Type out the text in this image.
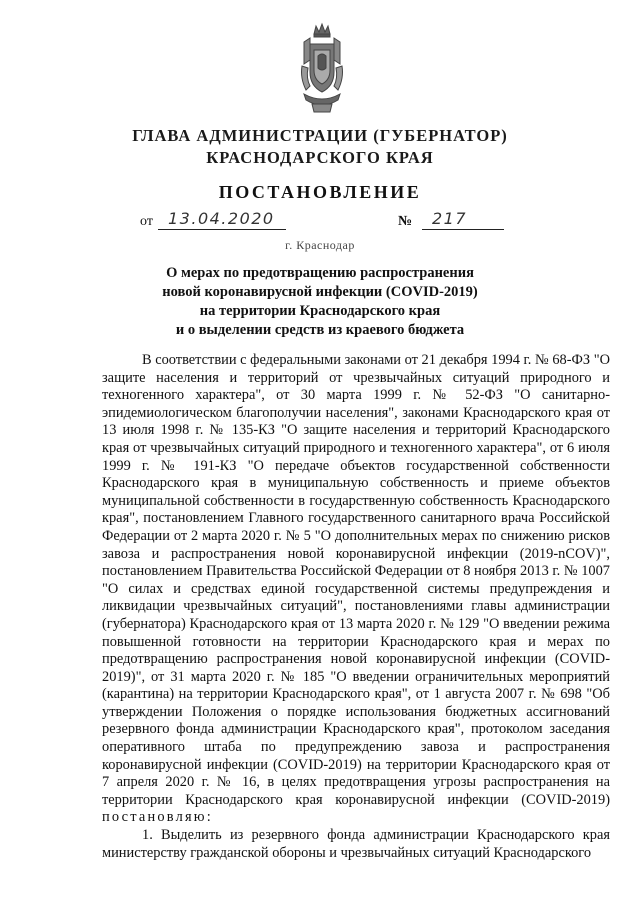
ГЛАВА АДМИНИСТРАЦИИ (ГУБЕРНАТОР)
КРАСНОДАРСКОГО КРАЯ
ПОСТАНОВЛЕНИЕ
от 13.04.2020	№	217
г. Краснодар
О мерах по предотвращению распространения
новой коронавирусной инфекции (COVID-2019)
на территории Краснодарского края
и о выделении средств из краевого бюджета

В соответствии с федеральными законами от 21 декабря 1994 г. № 68-ФЗ "О защите населения и территорий от чрезвычайных ситуаций природного и техногенного характера", от 30 марта 1999 г. № 52-ФЗ "О санитарно-эпидемиологическом благополучии населения", законами Краснодарского края от 13 июля 1998 г. № 135-КЗ "О защите населения и территорий Краснодарского края от чрезвычайных ситуаций природного и техногенного характера", от 6 июля 1999 г. № 191-КЗ "О передаче объектов государственной собственности Краснодарского края в муниципальную собственность и приеме объектов муниципальной собственности в государственную собственность Краснодарского края", постановлением Главного государственного санитарного врача Российской Федерации от 2 марта 2020 г. № 5 "О дополнительных мерах по снижению рисков завоза и распространения новой коронавирусной инфекции (2019-nCOV)", постановлением Правительства Российской Федерации от 8 ноября 2013 г. № 1007 "О силах и средствах единой государственной системы предупреждения и ликвидации чрезвычайных ситуаций", постановлениями главы администрации (губернатора) Краснодарского края от 13 марта 2020 г. № 129 "О введении режима повышенной готовности на территории Краснодарского края и мерах по предотвращению распространения новой коронавирусной инфекции (COVID-2019)", от 31 марта 2020 г. № 185 "О введении ограничительных мероприятий (карантина) на территории Краснодарского края", от 1 августа 2007 г. № 698 "Об утверждении Положения о порядке использования бюджетных ассигнований резервного фонда администрации Краснодарского края", протоколом заседания оперативного штаба по предупреждению завоза и распространения коронавирусной инфекции (COVID-2019) на территории Краснодарского края от 7 апреля 2020 г. № 16, в целях предотвращения угрозы распространения на территории Краснодарского края коронавирусной инфекции (COVID-2019) постановляю:

1. Выделить из резервного фонда администрации Краснодарского края министерству гражданской обороны и чрезвычайных ситуаций Краснодарского
